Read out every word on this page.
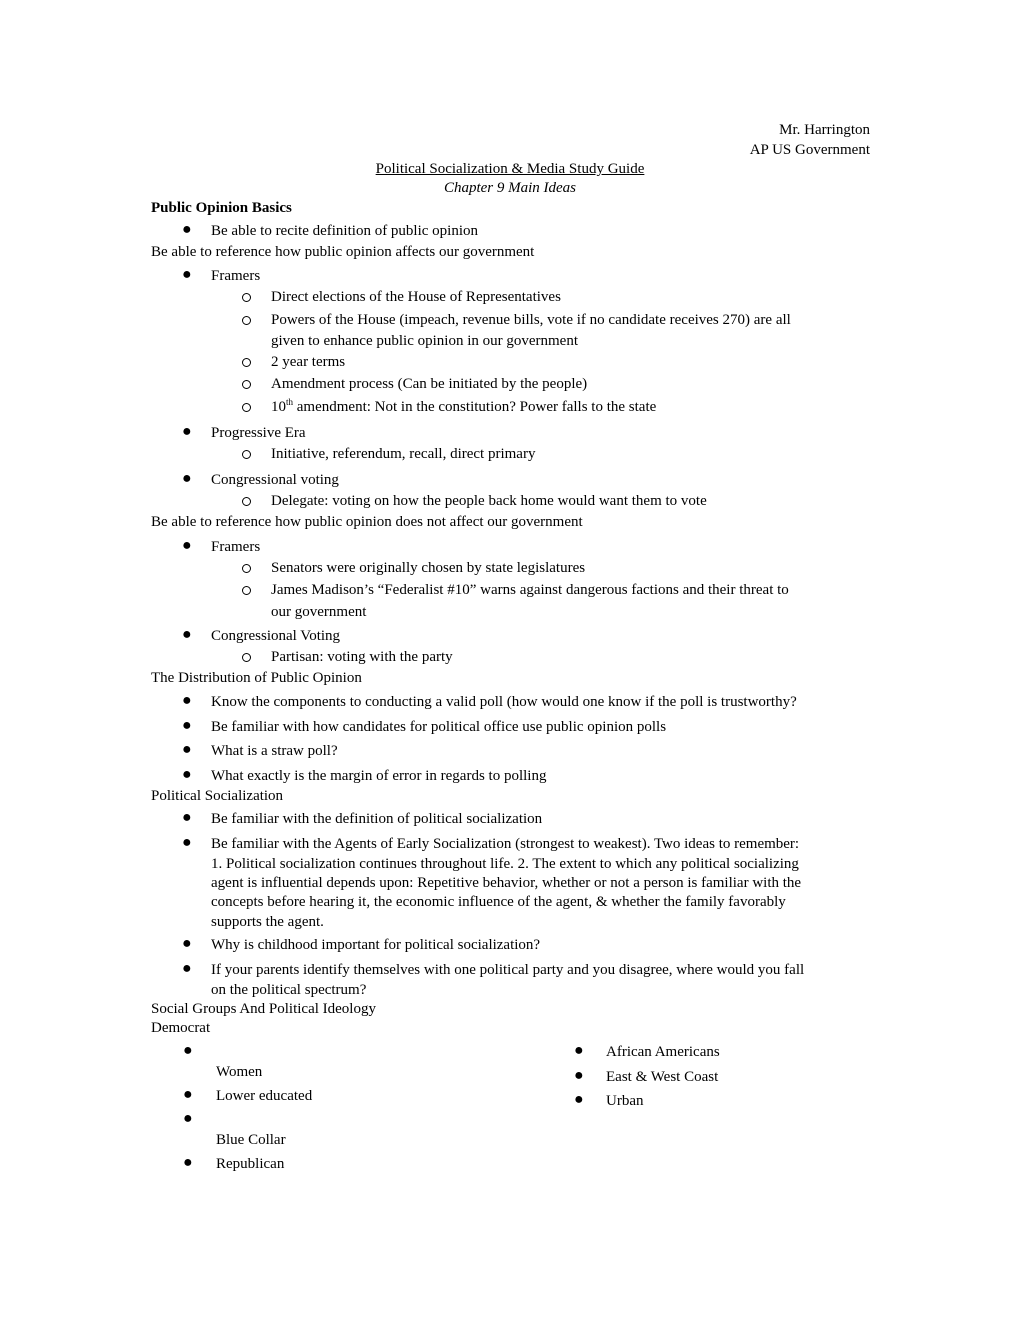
Mr. Harrington
AP US Government
Political Socialization & Media Study Guide
Chapter 9 Main Ideas
Public Opinion Basics
● Be able to recite definition of public opinion
Be able to reference how public opinion affects our government
● Framers
Direct elections of the House of Representatives
Powers of the House (impeach, revenue bills, vote if no candidate receives 270) are all
given to enhance public opinion in our government
2 year terms
Amendment process (Can be initiated by the people)
10th amendment: Not in the constitution? Power falls to the state
● Progressive Era
Initiative, referendum, recall, direct primary
● Congressional voting
Delegate: voting on how the people back home would want them to vote
Be able to reference how public opinion does not affect our government
● Framers
Senators were originally chosen by state legislatures
James Madison’s “Federalist #10” warns against dangerous factions and their threat to
our government
● Congressional Voting
Partisan: voting with the party
The Distribution of Public Opinion
● Know the components to conducting a valid poll (how would one know if the poll is trustworthy?
● Be familiar with how candidates for political office use public opinion polls
● What is a straw poll?
● What exactly is the margin of error in regards to polling
Political Socialization
● Be familiar with the definition of political socialization
● Be familiar with the Agents of Early Socialization (strongest to weakest). Two ideas to remember:
1. Political socialization continues throughout life. 2. The extent to which any political socializing
agent is influential depends upon: Repetitive behavior, whether or not a person is familiar with the
concepts before hearing it, the economic influence of the agent, & whether the family favorably
supports the agent.
● Why is childhood important for political socialization?
● If your parents identify themselves with one political party and you disagree, where would you fall
on the political spectrum?
Social Groups And Political Ideology
Democrat
●
Women
● Lower educated
●
Blue Collar
● Republican
● African Americans
● East & West Coast
● Urban
